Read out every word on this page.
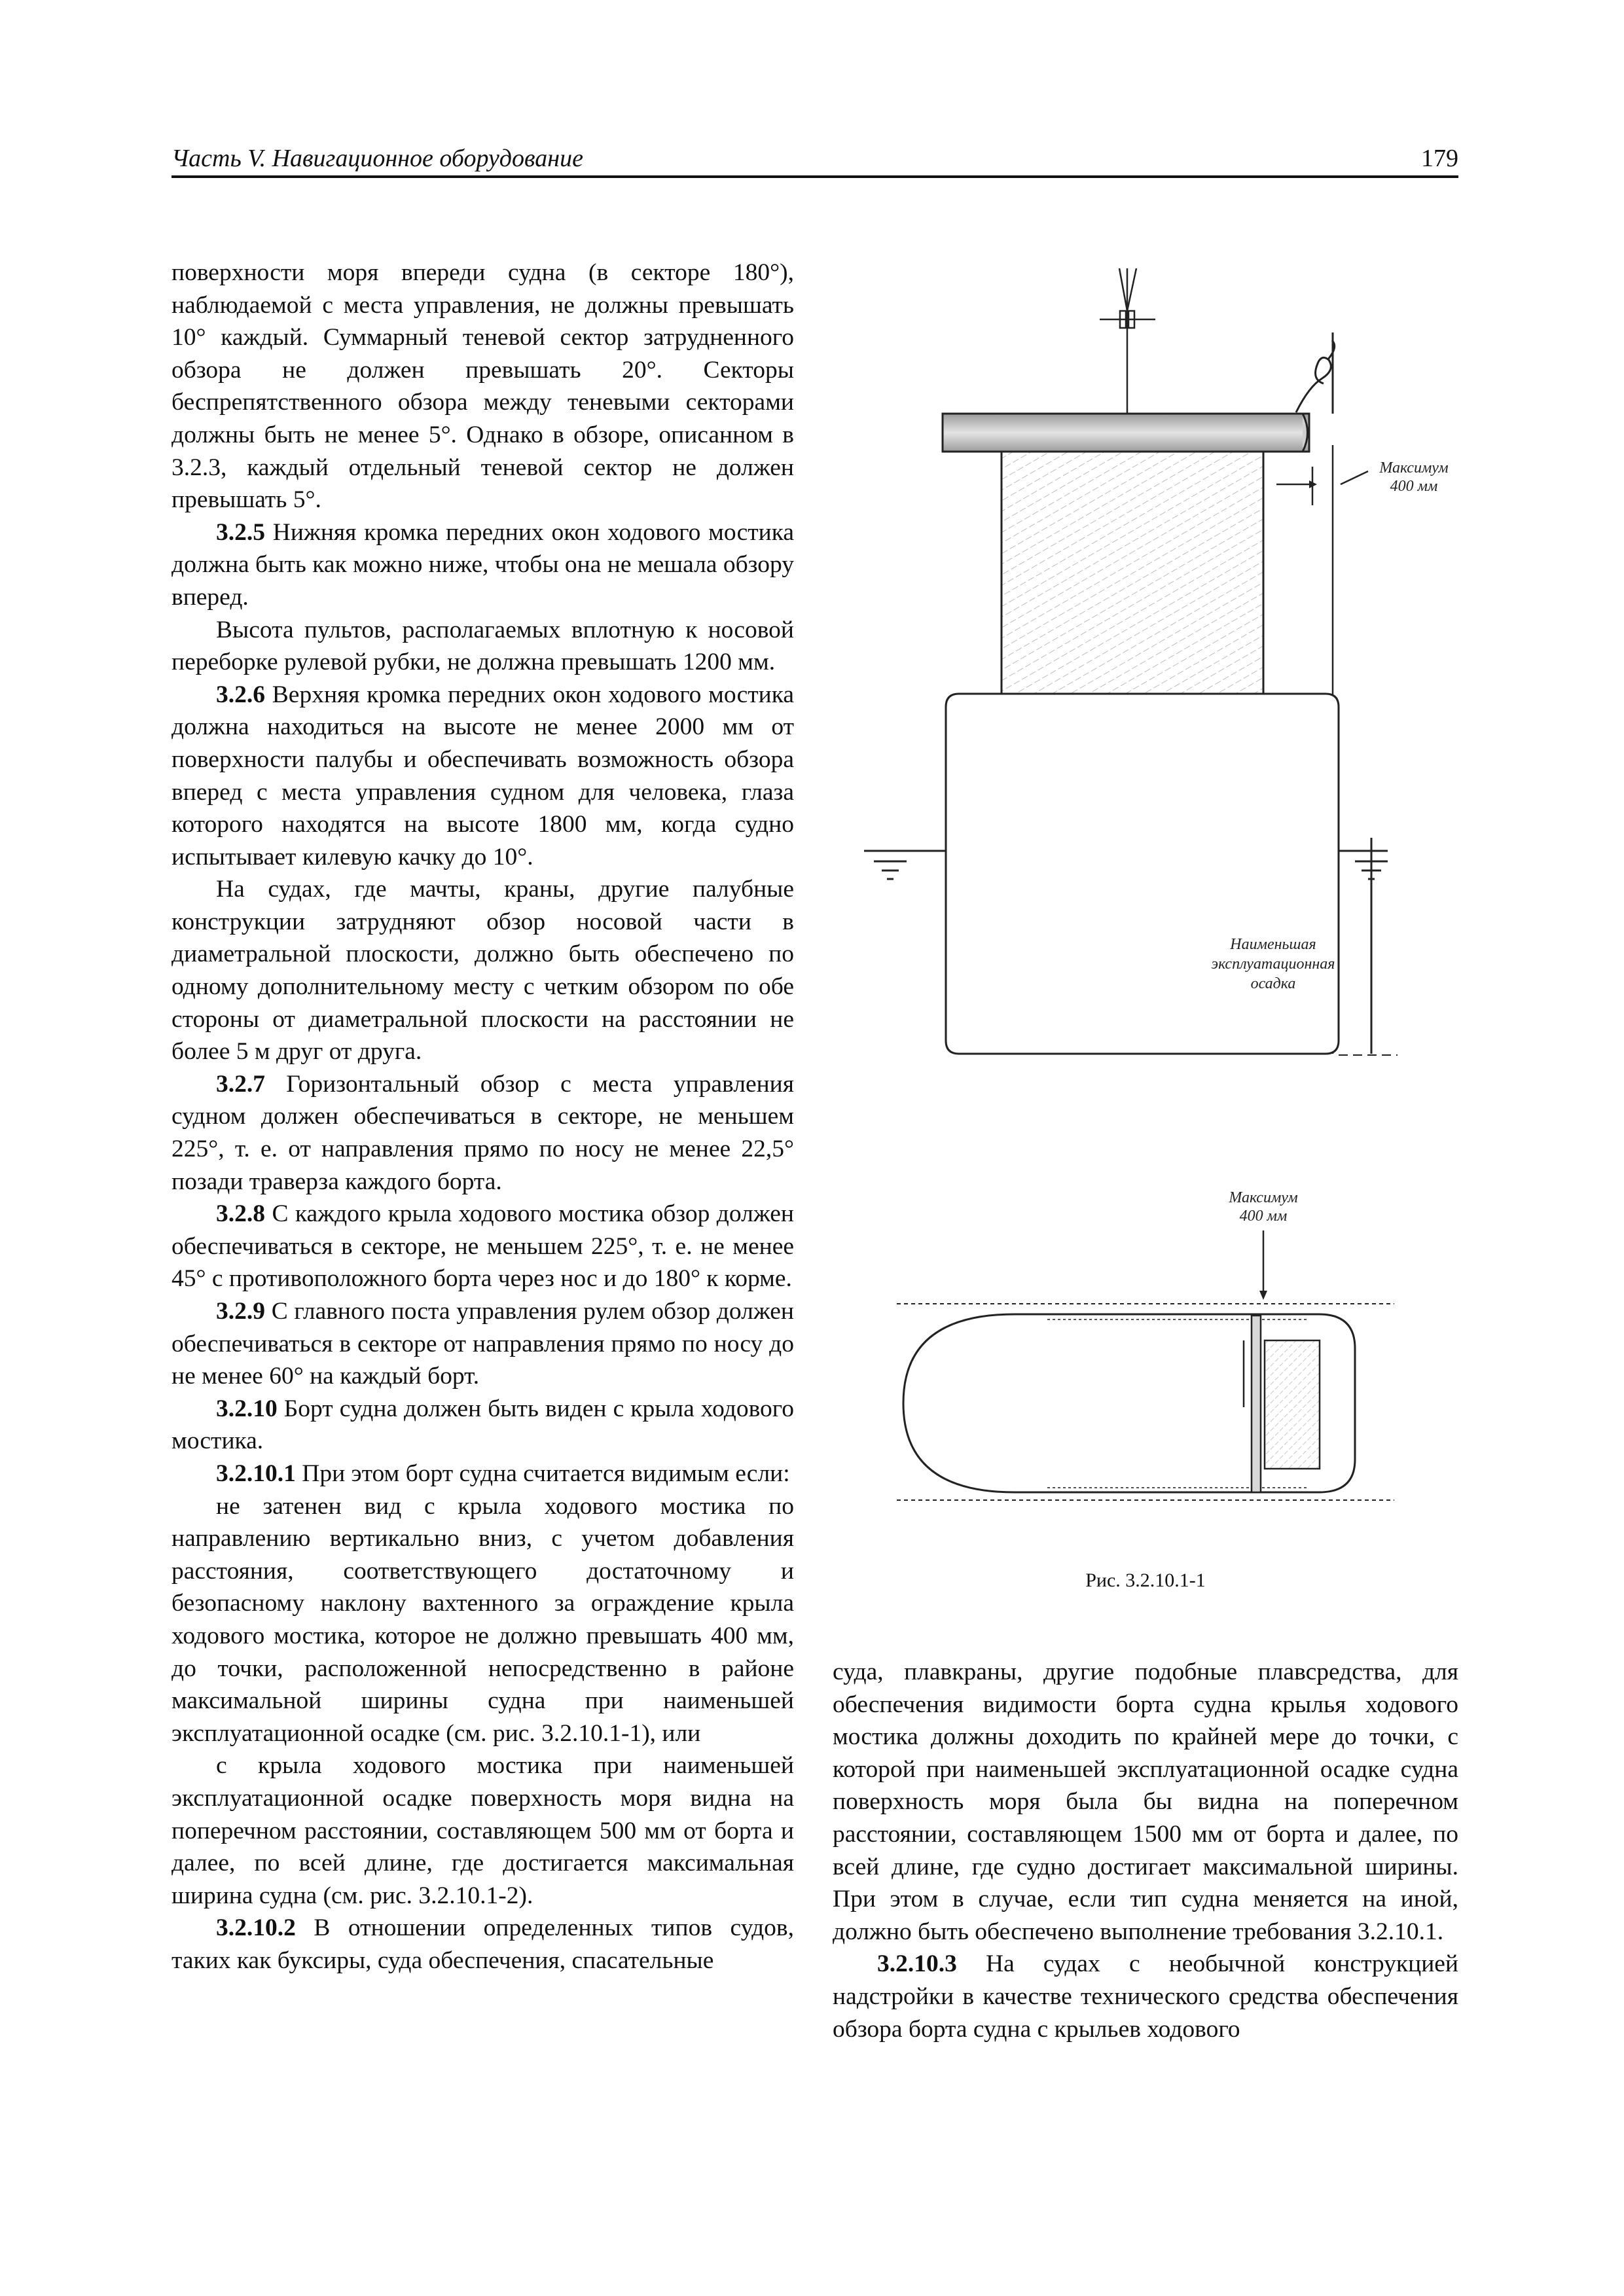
Часть V. Навигационное оборудование	179

поверхности моря впереди судна (в секторе 180°), наблюдаемой с места управления, не должны превышать 10° каждый. Суммарный теневой сектор затрудненного обзора не должен превышать 20°. Секторы беспрепятственного обзора между теневыми секторами должны быть не менее 5°. Однако в обзоре, описанном в 3.2.3, каждый отдельный теневой сектор не должен превышать 5°.

3.2.5 Нижняя кромка передних окон ходового мостика должна быть как можно ниже, чтобы она не мешала обзору вперед.

Высота пультов, располагаемых вплотную к носовой переборке рулевой рубки, не должна превышать 1200 мм.

3.2.6 Верхняя кромка передних окон ходового мостика должна находиться на высоте не менее 2000 мм от поверхности палубы и обеспечивать возможность обзора вперед с места управления судном для человека, глаза которого находятся на высоте 1800 мм, когда судно испытывает килевую качку до 10°.

На судах, где мачты, краны, другие палубные конструкции затрудняют обзор носовой части в диаметральной плоскости, должно быть обеспечено по одному дополнительному месту с четким обзором по обе стороны от диаметральной плоскости на расстоянии не более 5 м друг от друга.

3.2.7 Горизонтальный обзор с места управления судном должен обеспечиваться в секторе, не меньшем 225°, т. е. от направления прямо по носу не менее 22,5° позади траверза каждого борта.

3.2.8 С каждого крыла ходового мостика обзор должен обеспечиваться в секторе, не меньшем 225°, т. е. не менее 45° с противоположного борта через нос и до 180° к корме.

3.2.9 С главного поста управления рулем обзор должен обеспечиваться в секторе от направления прямо по носу до не менее 60° на каждый борт.

3.2.10 Борт судна должен быть виден с крыла ходового мостика.

3.2.10.1 При этом борт судна считается видимым если:

не затенен вид с крыла ходового мостика по направлению вертикально вниз, с учетом добавления расстояния, соответствующего достаточному и безопасному наклону вахтенного за ограждение крыла ходового мостика, которое не должно превышать 400 мм, до точки, расположенной непосредственно в районе максимальной ширины судна при наименьшей эксплуатационной осадке (см. рис. 3.2.10.1-1), или

с крыла ходового мостика при наименьшей эксплуатационной осадке поверхность моря видна на поперечном расстоянии, составляющем 500 мм от борта и далее, по всей длине, где достигается максимальная ширина судна (см. рис. 3.2.10.1-2).

3.2.10.2 В отношении определенных типов судов, таких как буксиры, суда обеспечения, спасательные

Максимум
400 мм
Наименьшая
эксплуатационная
осадка
Максимум
400 мм
Рис. 3.2.10.1-1

суда, плавкраны, другие подобные плавсредства, для обеспечения видимости борта судна крылья ходового мостика должны доходить по крайней мере до точки, с которой при наименьшей эксплуатационной осадке судна поверхность моря была бы видна на поперечном расстоянии, составляющем 1500 мм от борта и далее, по всей длине, где судно достигает максимальной ширины. При этом в случае, если тип судна меняется на иной, должно быть обеспечено выполнение требования 3.2.10.1.

3.2.10.3 На судах с необычной конструкцией надстройки в качестве технического средства обеспечения обзора борта судна с крыльев ходового
